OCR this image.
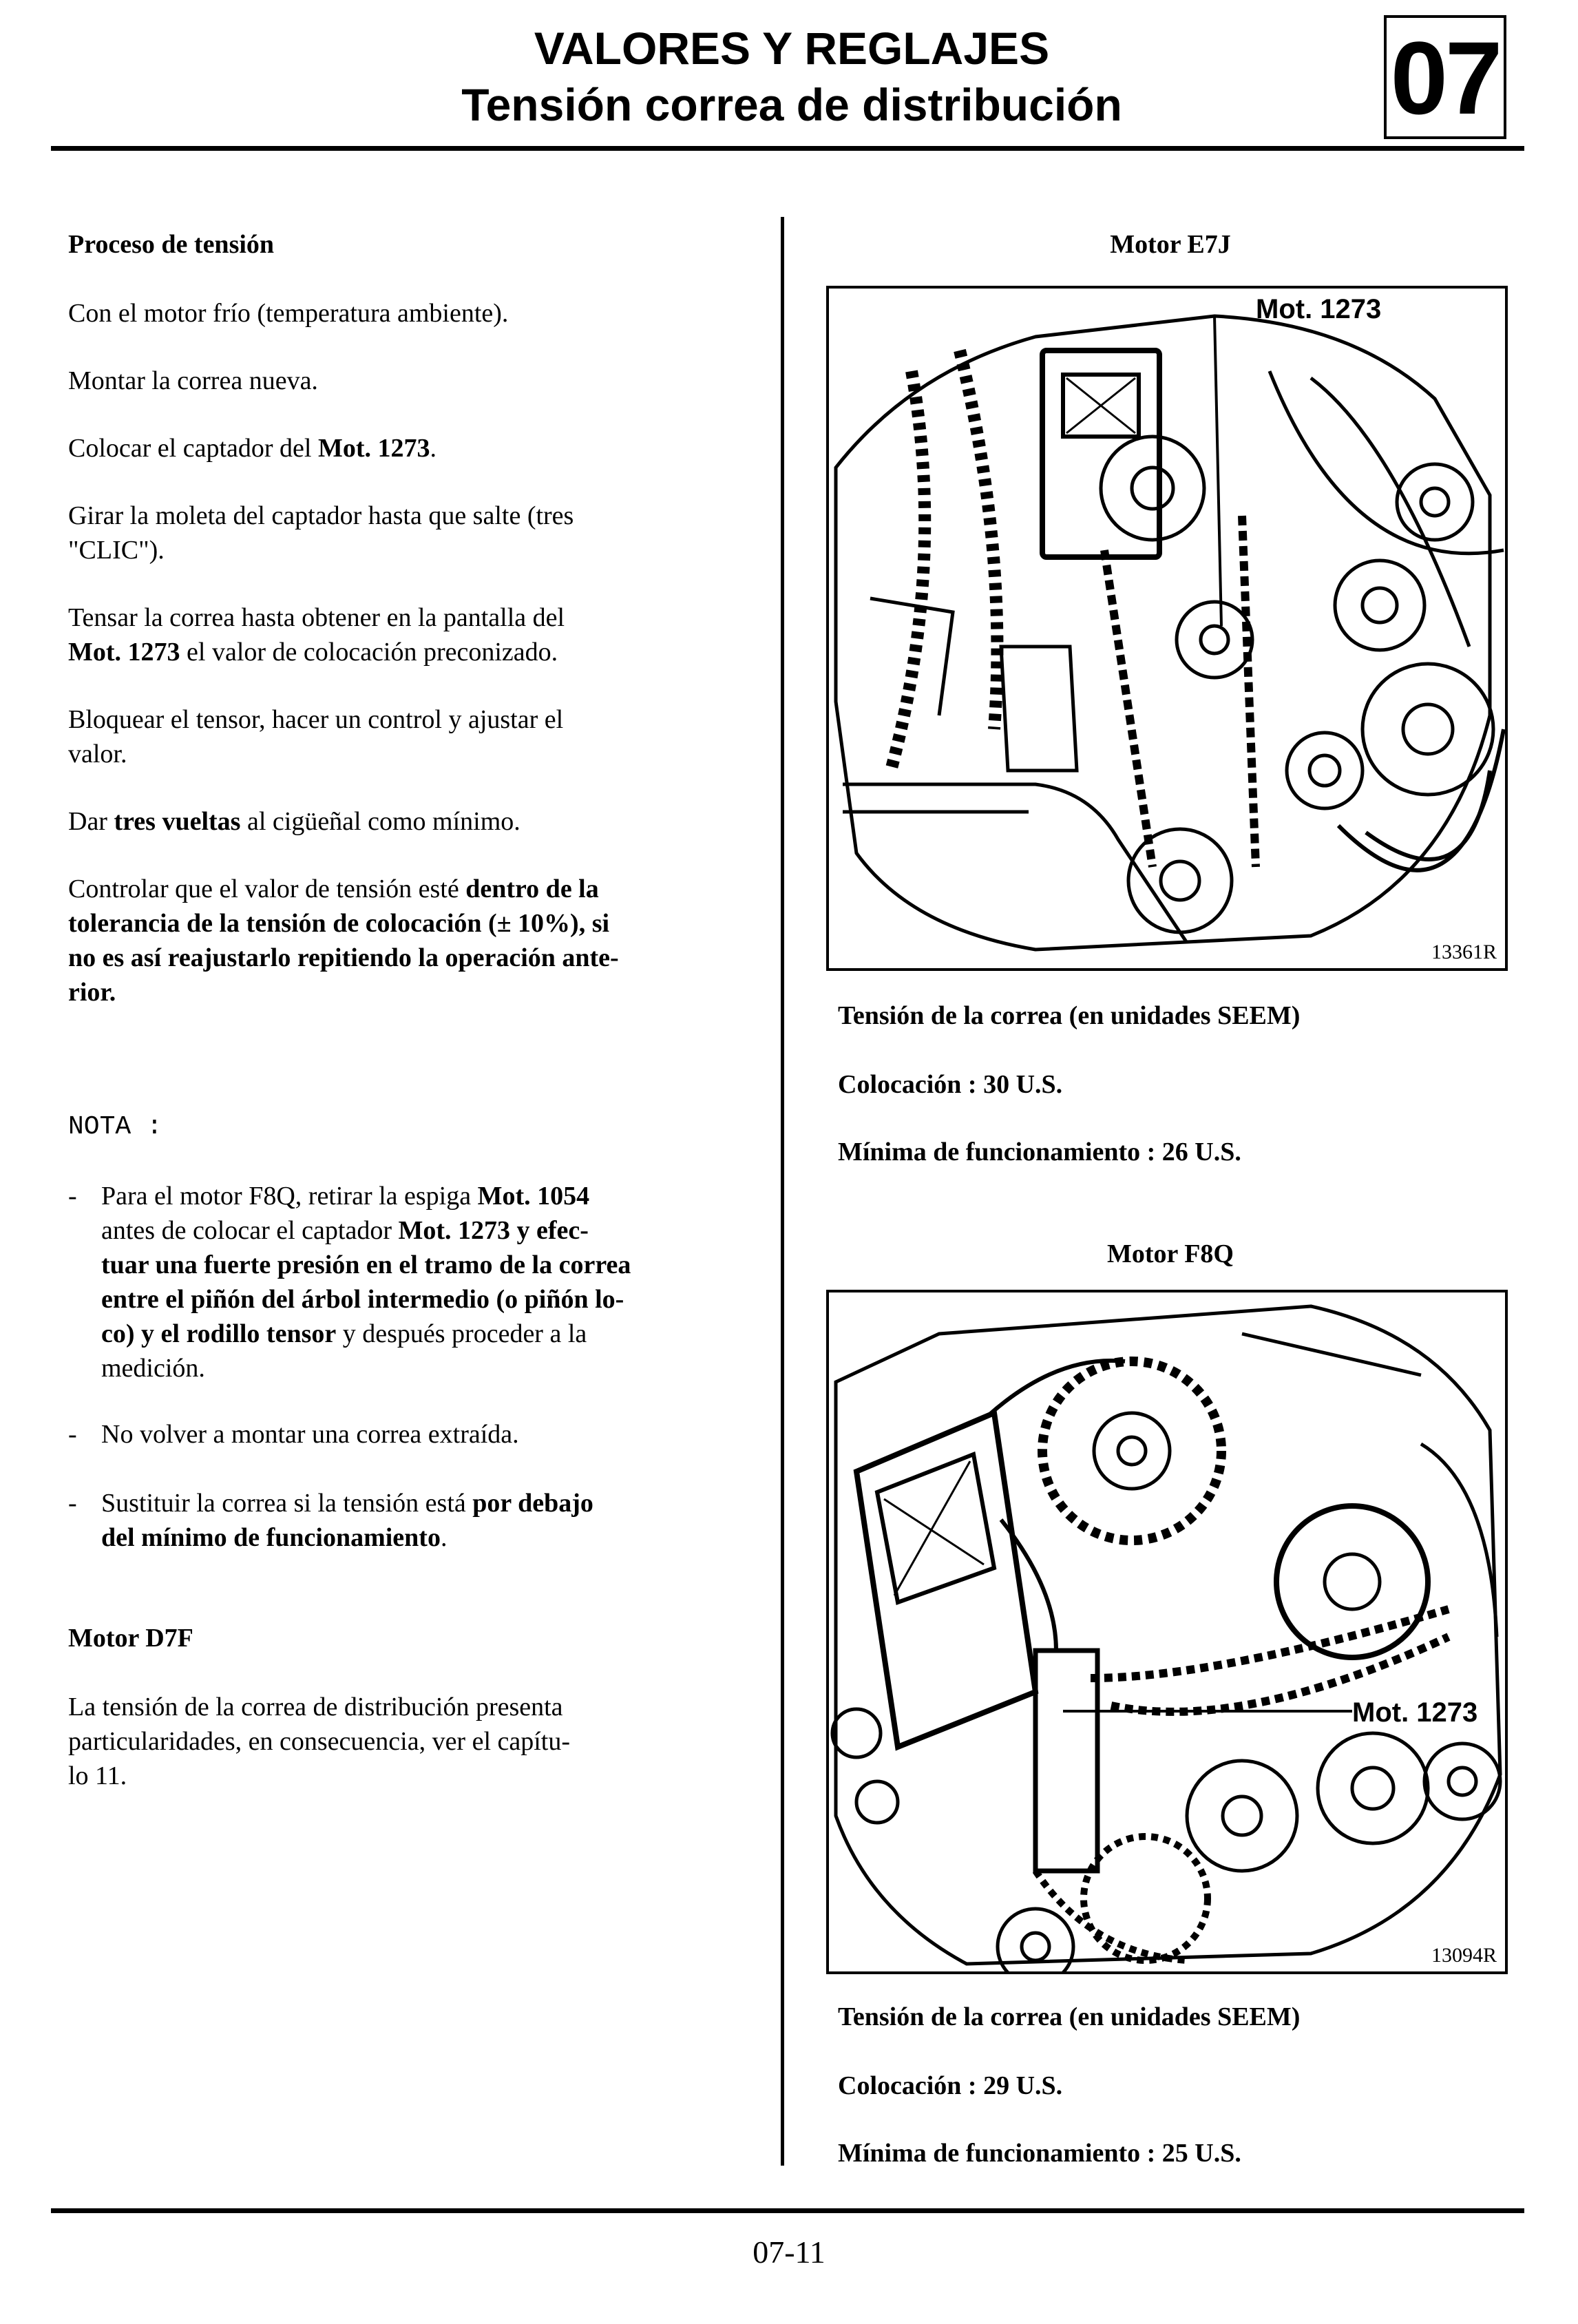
VALORES Y REGLAJES
Tensión correa de distribución	07
Proceso de tensión
Con el motor frío (temperatura ambiente).
Montar la correa nueva.
Colocar el captador del Mot. 1273.
Girar la moleta del captador hasta que salte (tres
"CLIC").
Tensar la correa hasta obtener en la pantalla del
Mot. 1273 el valor de colocación preconizado.
Bloquear el tensor, hacer un control y ajustar el
valor.
Dar tres vueltas al cigüeñal como mínimo.
Controlar que el valor de tensión esté dentro de la
tolerancia de la tensión de colocación (± 10%), si
no es así reajustarlo repitiendo la operación ante-
rior.
NOTA :
- Para el motor F8Q, retirar la espiga Mot. 1054
antes de colocar el captador Mot. 1273 y efec-
tuar una fuerte presión en el tramo de la correa
entre el piñón del árbol intermedio (o piñón lo-
co) y el rodillo tensor y después proceder a la
medición.
- No volver a montar una correa extraída.
- Sustituir la correa si la tensión está por debajo
del mínimo de funcionamiento.
Motor D7F
La tensión de la correa de distribución presenta
particularidades, en consecuencia, ver el capítu-
lo 11.
Motor E7J
Mot. 1273
13361R
Tensión de la correa (en unidades SEEM)
Colocación : 30 U.S.
Mínima de funcionamiento : 26 U.S.
Motor F8Q
Mot. 1273
13094R
Tensión de la correa (en unidades SEEM)
Colocación : 29 U.S.
Mínima de funcionamiento : 25 U.S.
07-11
